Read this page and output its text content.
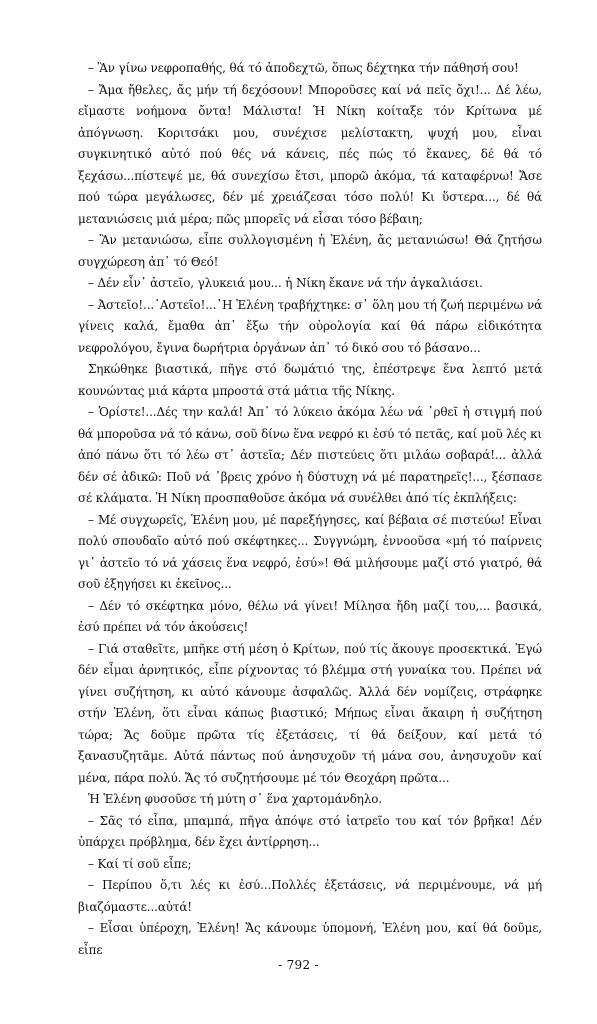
– Ἂν γίνω νεφροπαθής, θά τό ἀποδεχτῶ, ὅπως δέχτηκα τήν πάθησή σου!

– Ἄμα ἤθελες, ἄς μήν τή δεχόσουν! Μποροῦσες καί νά πεῖς ὄχι!... Δέ λέω, εἴμαστε νοήμονα ὄντα! Μάλιστα! Ἡ Νίκη κοίταξε τόν Κρίτωνα μέ ἀπόγνωση. Κοριτσάκι μου, συνέχισε μελίστακτη, ψυχή μου, εἶναι συγκινητικό αὐτό πού θές νά κάνεις, πές πώς τό ἔκανες, δέ θά τό ξεχάσω...πίστεψέ με, θά συνεχίσω ἔτσι, μπορῶ ἀκόμα, τά καταφέρνω! Ἄσε πού τώρα μεγάλωσες, δέν μέ χρειάζεσαι τόσο πολύ! Κι ὕστερα..., δέ θά μετανιώσεις μιά μέρα; πῶς μπορεῖς νά εἶσαι τόσο βέβαιη;

– Ἂν μετανιώσω, εἶπε συλλογισμένη ἡ Ἑλένη, ἄς μετανιώσω! Θά ζητήσω συγχώρεση ἀπ᾽ τό Θεό!

– Δέν εἶν᾽ ἀστεῖο, γλυκειά μου... ἡ Νίκη ἔκανε νά τήν ἀγκαλιάσει.

– Ἀστεῖο!...᾽Αστεῖο!...᾽Η Ἑλένη τραβήχτηκε: σ᾽ ὅλη μου τή ζωή περιμένω νά γίνεις καλά, ἔμαθα ἀπ᾽ ἔξω τήν οὐρολογία καί θά πάρω εἰδικότητα νεφρολόγου, ἔγινα δωρήτρια ὀργάνων ἀπ᾽ τό δικό σου τό βάσανο...

Σηκώθηκε βιαστικά, πῆγε στό δωμάτιό της, ἐπέστρεψε ἕνα λεπτό μετά κουνώντας μιά κάρτα μπροστά στά μάτια τῆς Νίκης.

– Ὁρίστε!...Δές την καλά! Ἀπ᾽ τό λύκειο ἀκόμα λέω νά ᾽ρθεῖ ἡ στιγμή πού θά μποροῦσα νά τό κάνω, σοῦ δίνω ἕνα νεφρό κι ἐσύ τό πετᾶς, καί μοῦ λές κι ἀπό πάνω ὅτι τό λέω στ᾽ ἀστεῖα; Δέν πιστεύεις ὅτι μιλάω σοβαρά!... ἀλλά δέν σέ ἀδικῶ: Ποῦ νά ᾽βρεις χρόνο ἡ δύστυχη νά μέ παρατηρεῖς!..., ξέσπασε σέ κλάματα. Ἡ Νίκη προσπαθοῦσε ἀκόμα νά συνέλθει ἀπό τίς ἐκπλήξεις:

– Μέ συγχωρεῖς, Ἑλένη μου, μέ παρεξήγησες, καί βέβαια σέ πιστεύω! Εἶναι πολύ σπουδαῖο αὐτό πού σκέφτηκες... Συγγνώμη, ἐννοοῦσα «μή τό παίρνεις γι᾽ ἀστεῖο τό νά χάσεις ἕνα νεφρό, ἐσύ»! Θά μιλήσουμε μαζί στό γιατρό, θά σοῦ ἐξηγήσει κι ἐκεῖνος...

– Δέν τό σκέφτηκα μόνο, θέλω νά γίνει! Μίλησα ἤδη μαζί του,... βασικά, ἐσύ πρέπει νά τόν ἀκούσεις!

– Γιά σταθεῖτε, μπῆκε στή μέση ὁ Κρίτων, πού τίς ἄκουγε προσεκτικά. Ἐγώ δέν εἶμαι ἀρνητικός, εἶπε ρίχνοντας τό βλέμμα στή γυναίκα του. Πρέπει νά γίνει συζήτηση, κι αὐτό κάνουμε ἀσφαλῶς. Ἀλλά δέν νομίζεις, στράφηκε στήν Ἑλένη, ὅτι εἶναι κάπως βιαστικό; Μήπως εἶναι ἄκαιρη ἡ συζήτηση τώρα; Ἄς δοῦμε πρῶτα τίς ἐξετάσεις, τί θά δείξουν, καί μετά τό ξανασυζητᾶμε. Αὐτά πάντως πού ἀνησυχοῦν τή μάνα σου, ἀνησυχοῦν καί μένα, πάρα πολύ. Ἄς τό συζητήσουμε μέ τόν Θεοχάρη πρῶτα...

Ἡ Ἑλένη φυσοῦσε τή μύτη σ᾽ ἕνα χαρτομάνδηλο.

– Σᾶς τό εἶπα, μπαμπά, πῆγα ἀπόψε στό ἰατρεῖο του καί τόν βρῆκα! Δέν ὑπάρχει πρόβλημα, δέν ἔχει ἀντίρρηση...

– Καί τί σοῦ εἶπε;

– Περίπου ὅ,τι λές κι ἐσύ...Πολλές ἐξετάσεις, νά περιμένουμε, νά μή βιαζόμαστε...αὐτά!

– Εἶσαι ὑπέροχη, Ἑλένη! Ἄς κάνουμε ὑπομονή, Ἑλένη μου, καί θά δοῦμε, εἶπε

- 792 -
